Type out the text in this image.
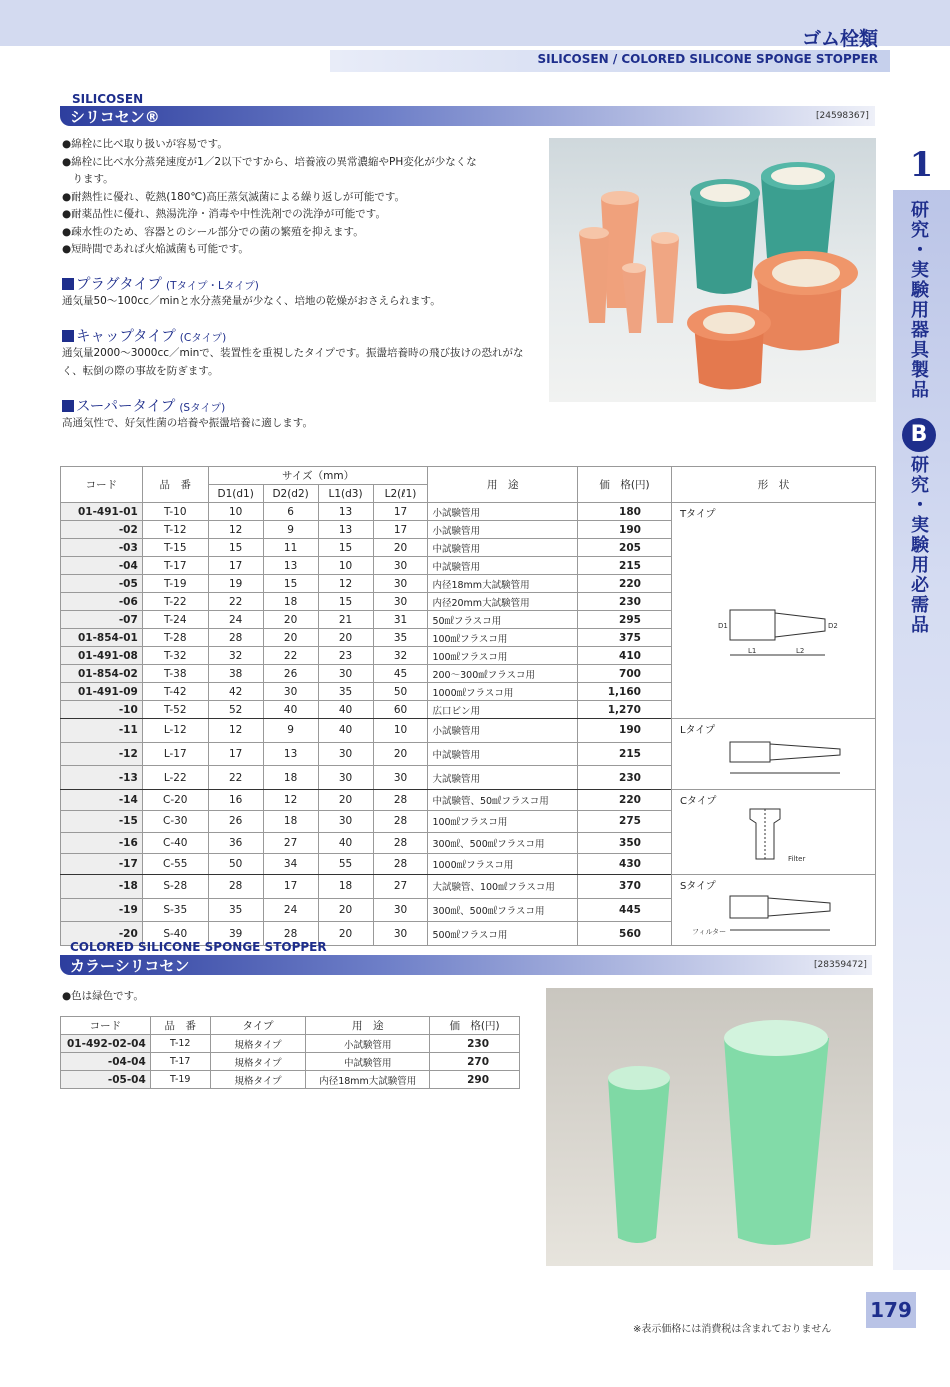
ゴム栓類
SILICOSEN / COLORED SILICONE SPONGE STOPPER
1
研究・実験用器具製品
B
研究・実験用必需品
SILICOSEN
シリコセン®	[24598367]
●綿栓に比べ取り扱いが容易です。
●綿栓に比べ水分蒸発速度が1／2以下ですから、培養液の異常濃縮やPH変化が少なくな
　ります。
●耐熱性に優れ、乾熱(180℃)高圧蒸気滅菌による繰り返しが可能です。
●耐薬品性に優れ、熱湯洗浄・消毒や中性洗剤での洗浄が可能です。
●疎水性のため、容器とのシール部分での菌の繁殖を抑えます。
●短時間であれば火焔滅菌も可能です。
プラグタイプ (Tタイプ・Lタイプ)
通気量50〜100cc／minと水分蒸発量が少なく、培地の乾燥がおさえられます。
キャップタイプ (Cタイプ)
通気量2000〜3000cc／minで、装置性を重視したタイプです。振盪培養時の飛び抜けの恐れがなく、転倒の際の事故を防ぎます。
スーパータイプ (Sタイプ)
高通気性で、好気性菌の培養や振盪培養に適します。
コード	品　番	サイズ（mm）				用　途	価　格(円)	形　状
		D1(d1)	D2(d2)	L1(d3)	L2(ℓ1)			
01-491-01	T-10	10	6	13	17	小試験管用	180	Tタイプ
D1 D2
L1 L2

-02	T-12	12	9	13	17	小試験管用	190	
-03	T-15	15	11	15	20	中試験管用	205	
-04	T-17	17	13	10	30	中試験管用	215	
-05	T-19	19	15	12	30	内径18mm大試験管用	220	
-06	T-22	22	18	15	30	内径20mm大試験管用	230	
-07	T-24	24	20	21	31	50㎖フラスコ用	295	
01-854-01	T-28	28	20	20	35	100㎖フラスコ用	375	
01-491-08	T-32	32	22	23	32	100㎖フラスコ用	410	
01-854-02	T-38	38	26	30	45	200〜300㎖フラスコ用	700	
01-491-09	T-42	42	30	35	50	1000㎖フラスコ用	1,160	
-10	T-52	52	40	40	60	広口ビン用	1,270	
-11	L-12	12	9	40	10	小試験管用	190	Lタイプ

-12	L-17	17	13	30	20	中試験管用	215	
-13	L-22	22	18	30	30	大試験管用	230	
-14	C-20	16	12	20	28	中試験管、50㎖フラスコ用	220	Cタイプ
Filter

-15	C-30	26	18	30	28	100㎖フラスコ用	275	
-16	C-40	36	27	40	28	300㎖、500㎖フラスコ用	350	
-17	C-55	50	34	55	28	1000㎖フラスコ用	430	
-18	S-28	28	17	18	27	大試験管、100㎖フラスコ用	370	Sタイプ
フィルター

-19	S-35	35	24	20	30	300㎖、500㎖フラスコ用	445	
-20	S-40	39	28	20	30	500㎖フラスコ用	560	
COLORED SILICONE SPONGE STOPPER
カラーシリコセン	[28359472]
●色は緑色です。
コード	品　番	タイプ	用　途	価　格(円)
01-492-02-04	T-12	規格タイプ	小試験管用	230
-04-04	T-17	規格タイプ	中試験管用	270
-05-04	T-19	規格タイプ	内径18mm大試験管用	290
179
※表示価格には消費税は含まれておりません
